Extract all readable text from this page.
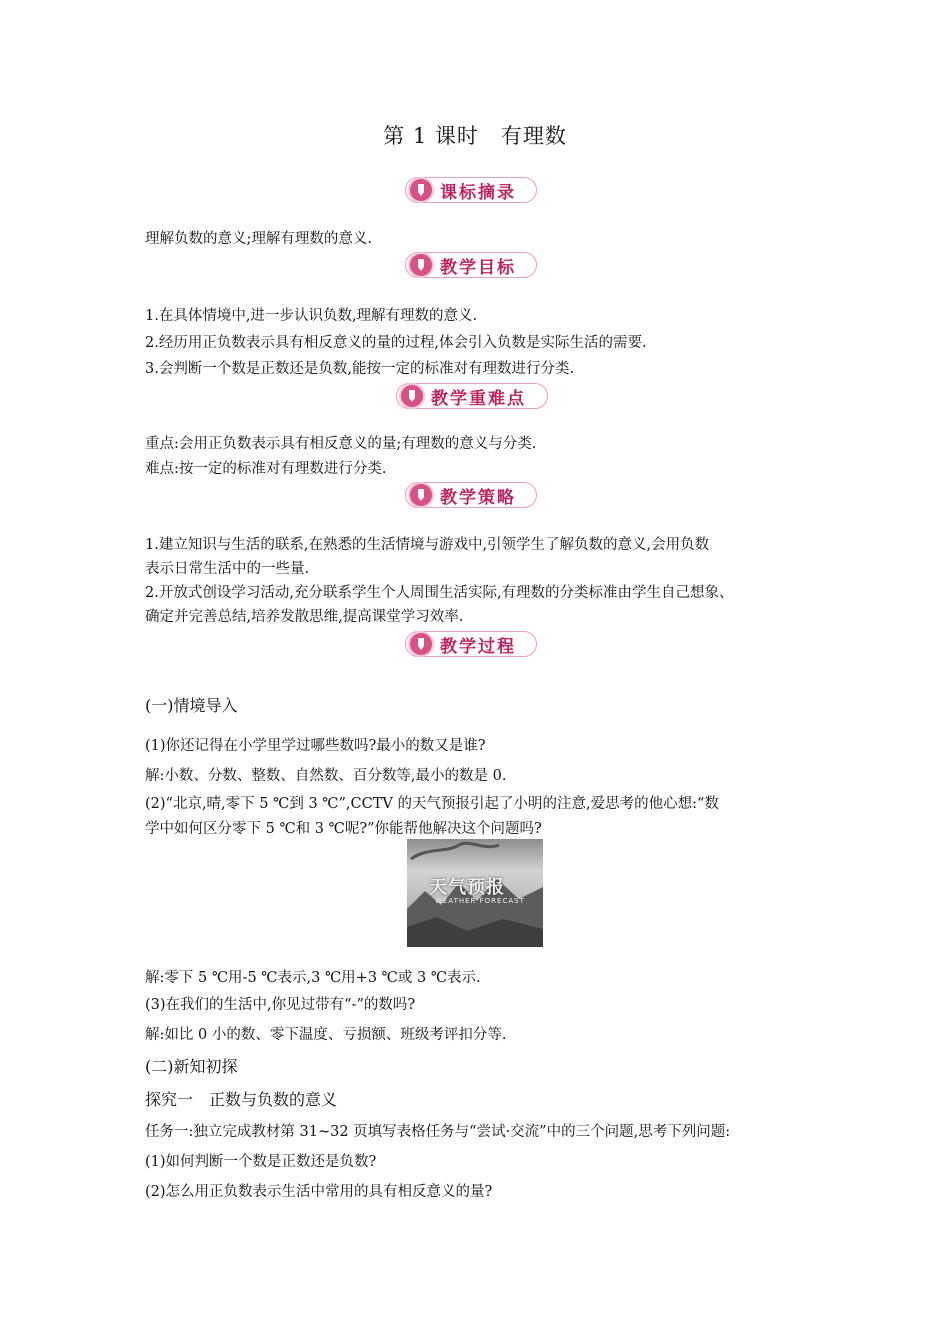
第 1 课时　有理数
课标摘录
理解负数的意义;理解有理数的意义.
教学目标
1.在具体情境中,进一步认识负数,理解有理数的意义.
2.经历用正负数表示具有相反意义的量的过程,体会引入负数是实际生活的需要.
3.会判断一个数是正数还是负数,能按一定的标准对有理数进行分类.
教学重难点
重点:会用正负数表示具有相反意义的量;有理数的意义与分类.
难点:按一定的标准对有理数进行分类.
教学策略
1.建立知识与生活的联系,在熟悉的生活情境与游戏中,引领学生了解负数的意义,会用负数
表示日常生活中的一些量.
2.开放式创设学习活动,充分联系学生个人周围生活实际,有理数的分类标准由学生自己想象、
确定并完善总结,培养发散思维,提高课堂学习效率.
教学过程
(一)情境导入
(1)你还记得在小学里学过哪些数吗?最小的数又是谁?
解:小数、分数、整数、自然数、百分数等,最小的数是 0.
(2)“北京,晴,零下 5 ℃到 3 ℃”,CCTV 的天气预报引起了小明的注意,爱思考的他心想:“数
学中如何区分零下 5 ℃和 3 ℃呢?”你能帮他解决这个问题吗?
天气预报
WEATHER FORECAST
解:零下 5 ℃用-5 ℃表示,3 ℃用+3 ℃或 3 ℃表示.
(3)在我们的生活中,你见过带有“-”的数吗?
解:如比 0 小的数、零下温度、亏损额、班级考评扣分等.
(二)新知初探
探究一　正数与负数的意义
任务一:独立完成教材第 31~32 页填写表格任务与“尝试·交流”中的三个问题,思考下列问题:
(1)如何判断一个数是正数还是负数?
(2)怎么用正负数表示生活中常用的具有相反意义的量?
